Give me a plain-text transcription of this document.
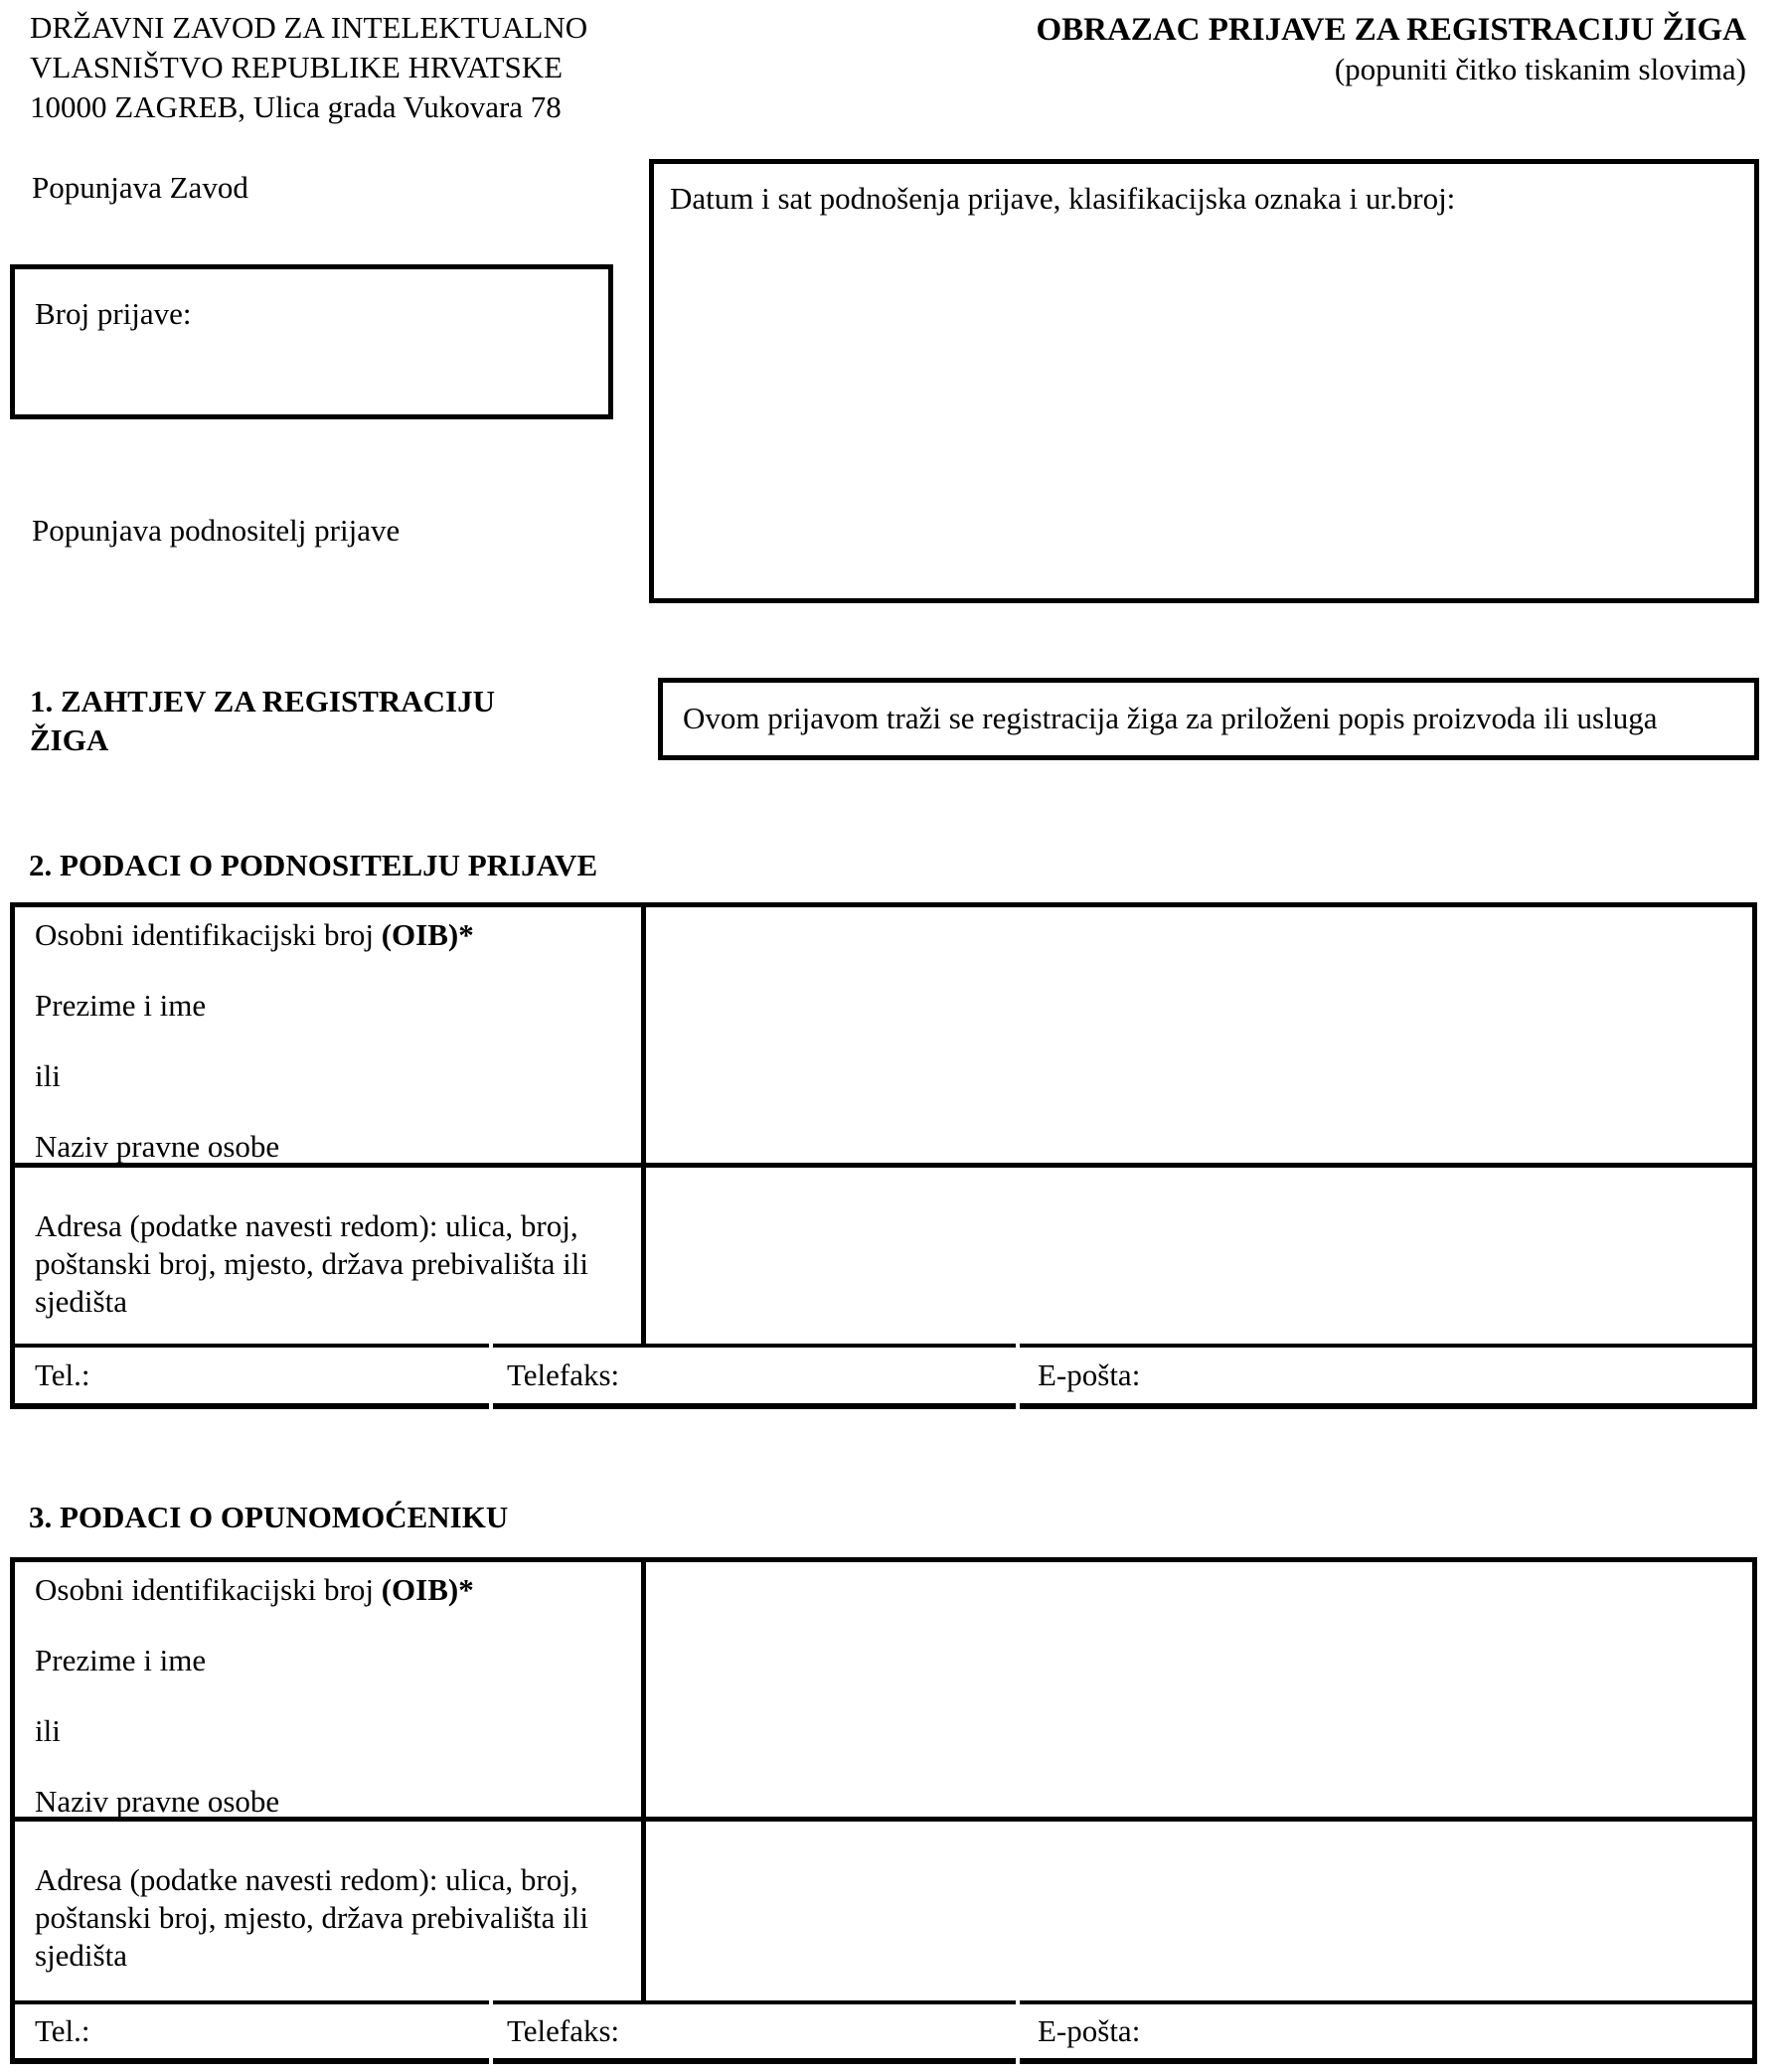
DRŽAVNI ZAVOD ZA INTELEKTUALNO
VLASNIŠTVO REPUBLIKE HRVATSKE
10000 ZAGREB, Ulica grada Vukovara 78
OBRAZAC PRIJAVE ZA REGISTRACIJU ŽIGA
(popuniti čitko tiskanim slovima)
Popunjava Zavod
Broj prijave:
Datum i sat podnošenja prijave, klasifikacijska oznaka i ur.broj:
Popunjava podnositelj prijave
1. ZAHTJEV ZA REGISTRACIJU
ŽIGA
Ovom prijavom traži se registracija žiga za priloženi popis proizvoda ili usluga
2. PODACI O PODNOSITELJU PRIJAVE
Osobni identifikacijski broj (OIB)*
Prezime i ime
ili
Naziv pravne osobe
Adresa (podatke navesti redom): ulica, broj,
poštanski broj, mjesto, država prebivališta ili
sjedišta
Tel.:	Telefaks:	E-pošta:
3. PODACI O OPUNOMOĆENIKU
Osobni identifikacijski broj (OIB)*
Prezime i ime
ili
Naziv pravne osobe
Adresa (podatke navesti redom): ulica, broj,
poštanski broj, mjesto, država prebivališta ili
sjedišta
Tel.:	Telefaks:	E-pošta:
